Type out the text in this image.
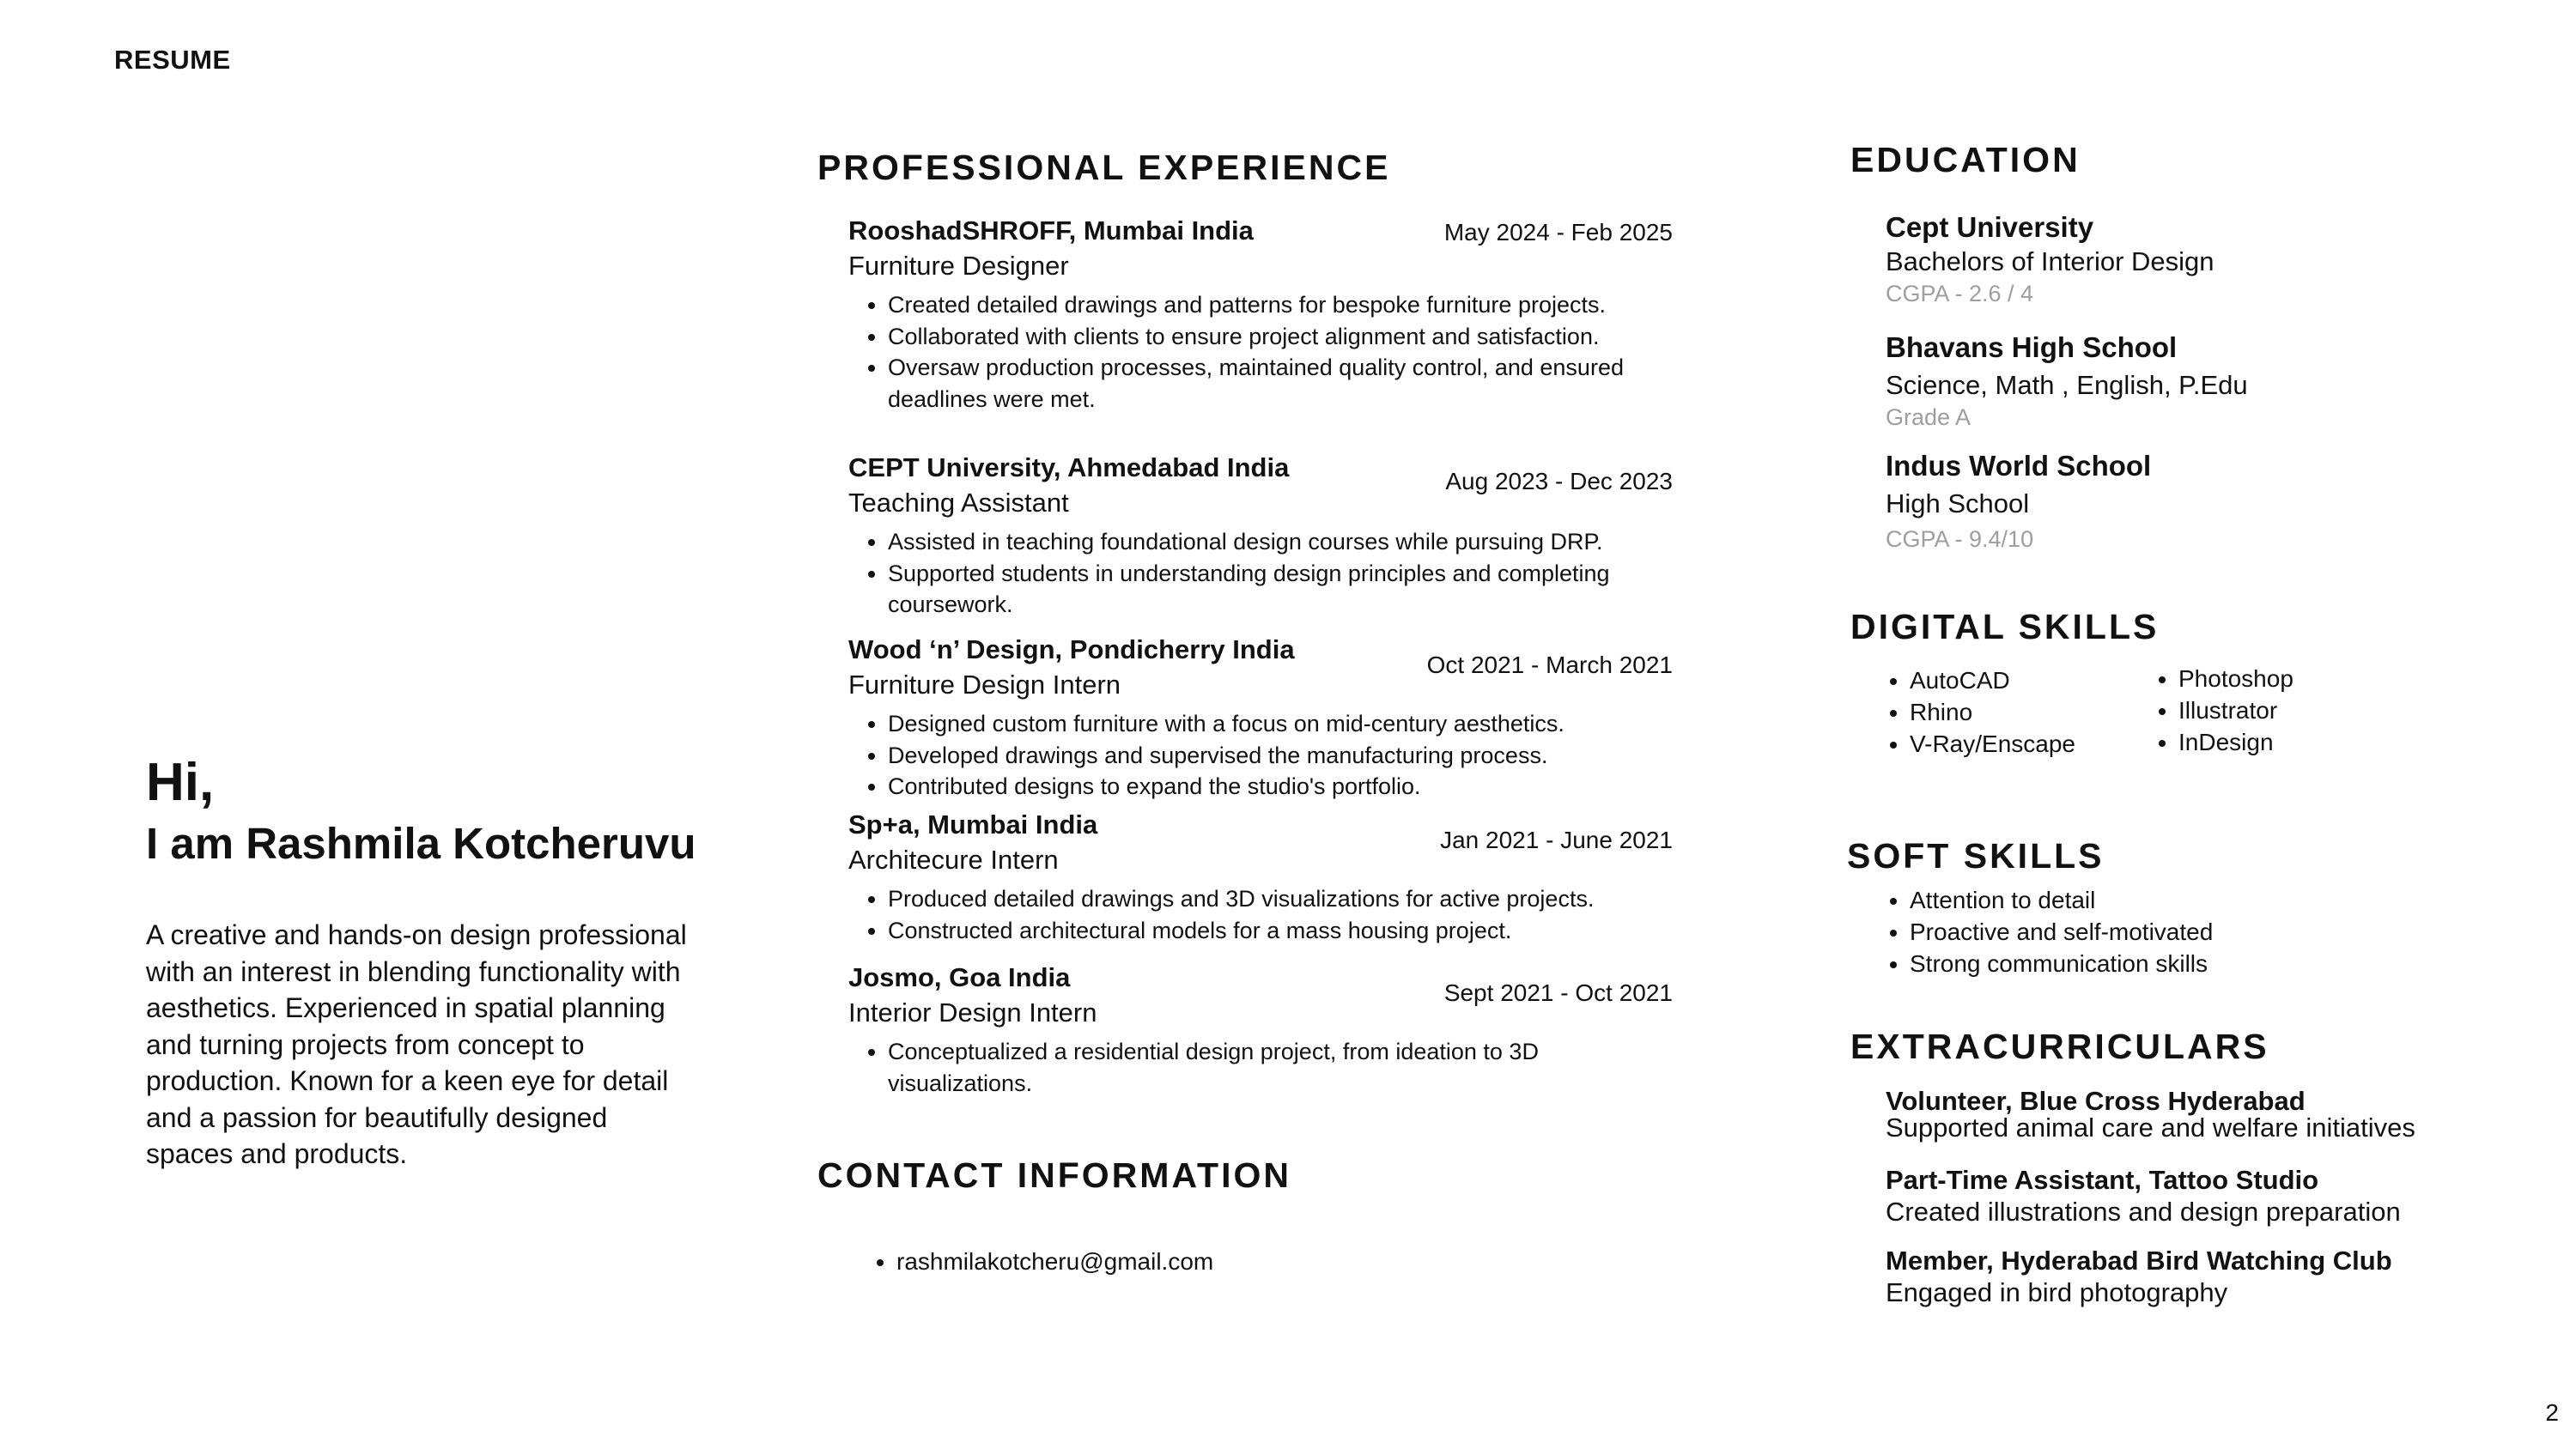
RESUME
Hi,
I am Rashmila Kotcheruvu
A creative and hands-on design professional with an interest in blending functionality with aesthetics. Experienced in spatial planning and turning projects from concept to production. Known for a keen eye for detail and a passion for beautifully designed spaces and products.
PROFESSIONAL EXPERIENCE
May 2024 - Feb 2025
RooshadSHROFF, Mumbai India
Furniture Designer
• Created detailed drawings and patterns for bespoke furniture projects.
• Collaborated with clients to ensure project alignment and satisfaction.
• Oversaw production processes, maintained quality control, and ensured deadlines were met.
Aug 2023 - Dec 2023
CEPT University, Ahmedabad India
Teaching Assistant
• Assisted in teaching foundational design courses while pursuing DRP.
• Supported students in understanding design principles and completing coursework.
Oct 2021 - March 2021
Wood ‘n’ Design, Pondicherry India
Furniture Design Intern
• Designed custom furniture with a focus on mid-century aesthetics.
• Developed drawings and supervised the manufacturing process.
• Contributed designs to expand the studio's portfolio.
Jan 2021 - June 2021
Sp+a, Mumbai India
Architecure Intern
• Produced detailed drawings and 3D visualizations for active projects.
• Constructed architectural models for a mass housing project.
Sept 2021 - Oct 2021
Josmo, Goa India
Interior Design Intern
• Conceptualized a residential design project, from ideation to 3D visualizations.
CONTACT INFORMATION
• rashmilakotcheru@gmail.com
EDUCATION
Cept University
Bachelors of Interior Design
CGPA - 2.6 / 4
Bhavans High School
Science, Math , English, P.Edu
Grade A
Indus World School
High School
CGPA - 9.4/10
DIGITAL SKILLS
• AutoCAD
• Rhino
• V-Ray/Enscape
• Photoshop
• Illustrator
• InDesign
SOFT SKILLS
• Attention to detail
• Proactive and self-motivated
• Strong communication skills
EXTRACURRICULARS
Volunteer, Blue Cross Hyderabad
Supported animal care and welfare initiatives
Part-Time Assistant, Tattoo Studio
Created illustrations and design preparation
Member, Hyderabad Bird Watching Club
Engaged in bird photography
2
